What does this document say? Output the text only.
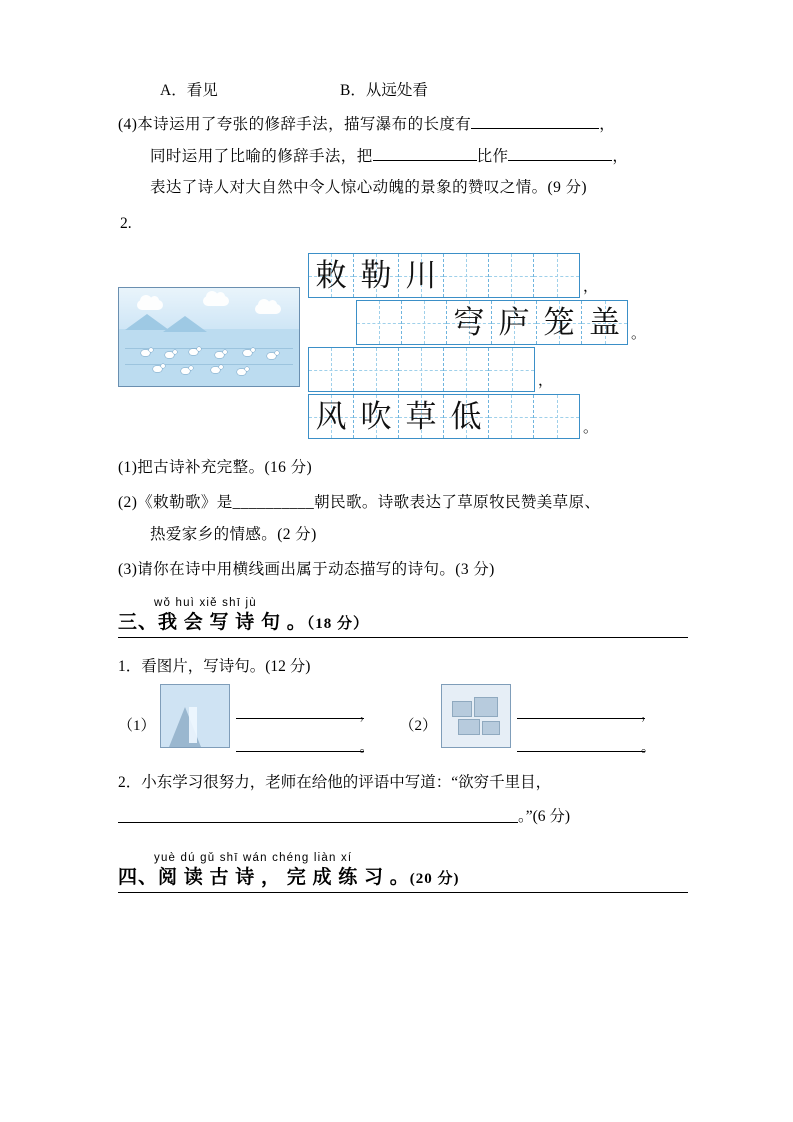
A．看见	B．从远处看
(4)本诗运用了夸张的修辞手法，描写瀑布的长度有	，
同时运用了比喻的修辞手法，把	比作	，
表达了诗人对大自然中令人惊心动魄的景象的赞叹之情。(9 分)
2.
敕 勒 川	，
穹 庐 笼 盖 。
，
风 吹 草 低	。
(1)把古诗补充完整。(16 分)
(2)《敕勒歌》是__________朝民歌。诗歌表达了草原牧民赞美草原、
热爱家乡的情感。(2 分)
(3)请你在诗中用横线画出属于动态描写的诗句。(3 分)
wǒ huì xiě shī jù
三、我 会 写 诗 句 。（18 分）
1．看图片，写诗句。(12 分)
（1）
，
。
（2）
，
。
2．小东学习很努力，老师在给他的评语中写道：“欲穷千里目，
。”(6 分)
yuè dú gǔ shī wán chéng liàn xí
四、阅 读 古 诗 ， 完 成 练 习 。(20 分)
